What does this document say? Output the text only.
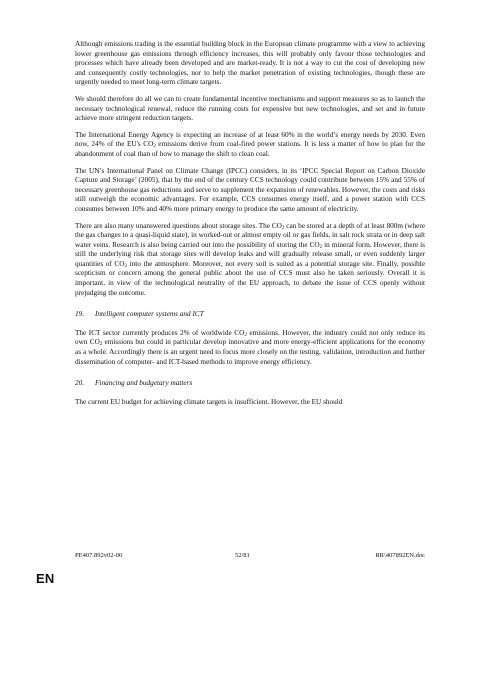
Although emissions trading is the essential building block in the European climate programme with a view to achieving lower greenhouse gas emissions through efficiency increases, this will probably only favour those technologies and processes which have already been developed and are market-ready. It is not a way to cut the cost of developing new and consequently costly technologies, nor to help the market penetration of existing technologies, though these are urgently needed to meet long-term climate targets.

We should therefore do all we can to create fundamental incentive mechanisms and support measures so as to launch the necessary technological renewal, reduce the running costs for expensive but new technologies, and set and in future achieve more stringent reduction targets.

The International Energy Agency is expecting an increase of at least 60% in the world’s energy needs by 2030. Even now, 24% of the EU's $CO_2$ emissions derive from coal-fired power stations. It is less a matter of how to plan for the abandonment of coal than of how to manage the shift to clean coal.

The UN’s International Panel on Climate Change (IPCC) considers, in its ‘IPCC Special Report on Carbon Dioxide Capture and Storage’ (2005), that by the end of the century CCS technology could contribute between 15% and 55% of necessary greenhouse gas reductions and serve to supplement the expansion of renewables. However, the costs and risks still outweigh the economic advantages. For example, CCS consumes energy itself, and a power station with CCS consumes between 10% and 40% more primary energy to produce the same amount of electricity.

There are also many unanswered questions about storage sites. The $CO_2$ can be stored at a depth of at least 800m (where the gas changes to a quasi-liquid state), in worked-out or almost empty oil or gas fields, in salt rock strata or in deep salt water veins. Research is also being carried out into the possibility of storing the $CO_2$ in mineral form. However, there is still the underlying risk that storage sites will develop leaks and will gradually release small, or even suddenly larger quantities of $CO_2$ into the atmosphere. Moreover, not every soil is suited as a potential storage site. Finally, possible scepticism or concern among the general public about the use of CCS must also be taken seriously. Overall it is important, in view of the technological neutrality of the EU approach, to debate the issue of CCS openly without prejudging the outcome.

19. Intelligent computer systems and ICT

The ICT sector currently produces 2% of worldwide $CO_2$ emissions. However, the industry could not only reduce its own $CO_2$ emissions but could in particular develop innovative and more energy-efficient applications for the economy as a whole. Accordingly there is an urgent need to focus more closely on the testing, validation, introduction and further dissemination of computer- and ICT-based methods to improve energy efficiency.

20. Financing and budgetary matters

The current EU budget for achieving climate targets is insufficient. However, the EU should

PE407.892v02-00	52/81	RR\407892EN.doc
EN
